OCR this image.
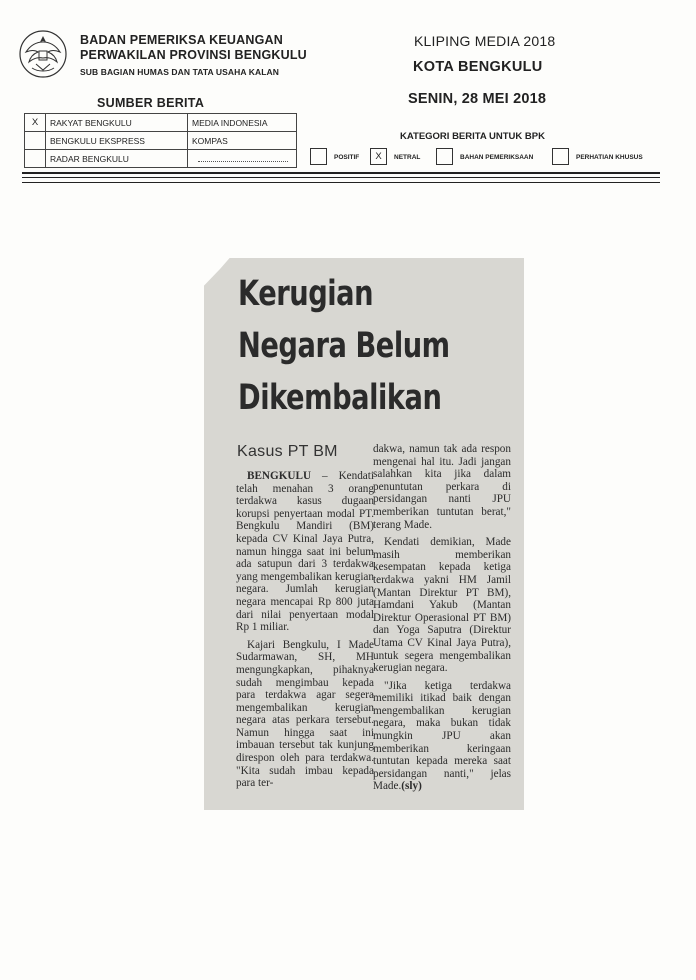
BADAN PEMERIKSA KEUANGAN
PERWAKILAN PROVINSI BENGKULU
SUB BAGIAN HUMAS DAN TATA USAHA KALAN
KLIPING MEDIA 2018
KOTA BENGKULU
SENIN, 28 MEI 2018
SUMBER BERITA
X	RAKYAT BENGKULU	MEDIA INDONESIA
	BENGKULU EKSPRESS	KOMPAS
	RADAR BENGKULU	
KATEGORI BERITA UNTUK BPK
POSITIF	X	NETRAL	BAHAN PEMERIKSAAN	PERHATIAN KHUSUS
Kerugian
Negara Belum
Dikembalikan
Kasus PT BM

BENGKULU – Kendati telah menahan 3 orang terdakwa kasus dugaan korupsi penyertaan modal PT. Bengkulu Mandiri (BM) kepada CV Kinal Jaya Putra, namun hingga saat ini belum ada satupun dari 3 terdakwa yang mengembalikan kerugian negara. Jumlah kerugian negara mencapai Rp 800 juta dari nilai penyertaan modal Rp 1 miliar.

Kajari Bengkulu, I Made Sudarmawan, SH, MH mengungkapkan, pihaknya sudah mengimbau kepada para terdakwa agar segera mengembalikan kerugian negara atas perkara tersebut. Namun hingga saat ini imbauan tersebut tak kunjung direspon oleh para terdakwa. "Kita sudah imbau kepada para ter-

dakwa, namun tak ada respon mengenai hal itu. Jadi jangan salahkan kita jika dalam penuntutan perkara di persidangan nanti JPU memberikan tuntutan berat," terang Made.

Kendati demikian, Made masih memberikan kesempatan kepada ketiga terdakwa yakni HM Jamil (Mantan Direktur PT BM), Hamdani Yakub (Mantan Direktur Operasional PT BM) dan Yoga Saputra (Direktur Utama CV Kinal Jaya Putra), untuk segera mengembalikan kerugian negara.

"Jika ketiga terdakwa memiliki itikad baik dengan mengembalikan kerugian negara, maka bukan tidak mungkin JPU akan memberikan keringaan tuntutan kepada mereka saat persidangan nanti," jelas Made.(sly)
